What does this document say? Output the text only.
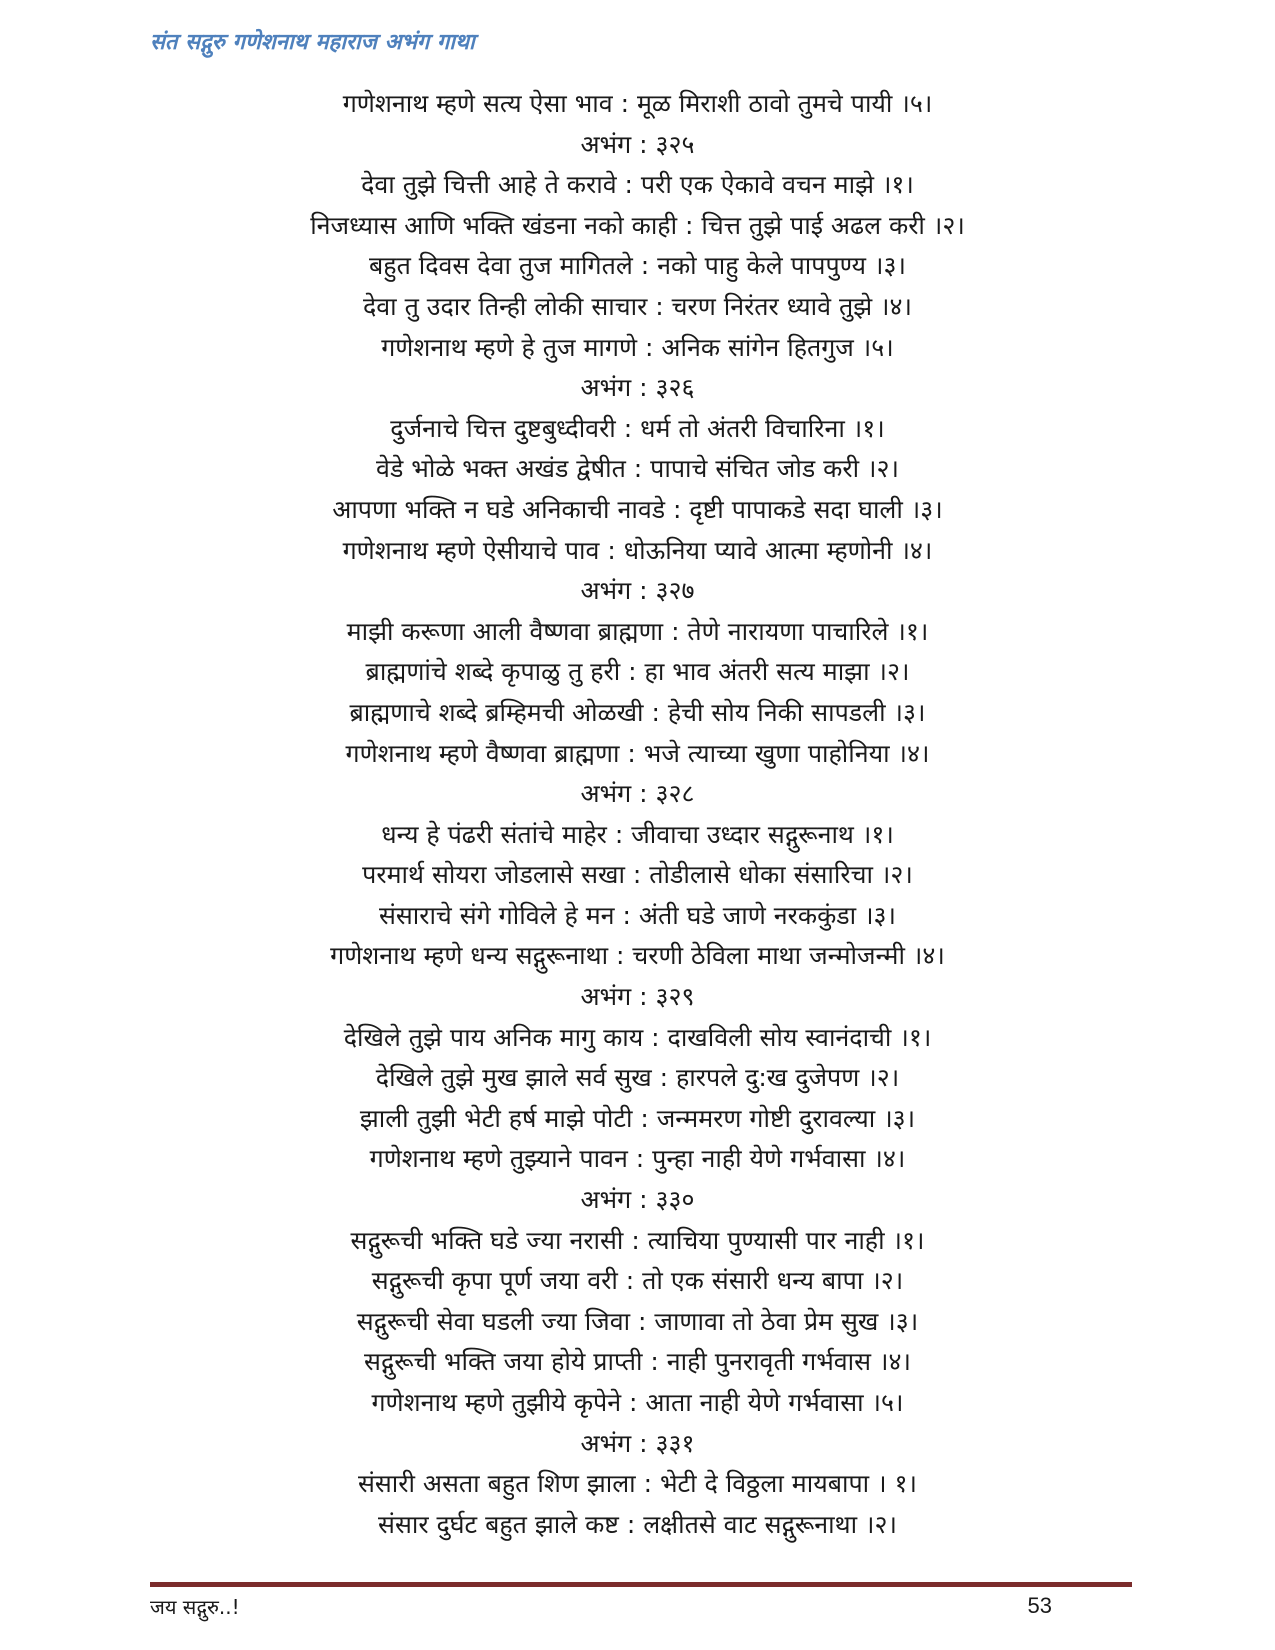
संत सद्गुरु गणेशनाथ महाराज अभंग गाथा
गणेशनाथ म्हणे सत्य ऐसा भाव : मूळ मिराशी ठावो तुमचे पायी ।५।
अभंग : ३२५
देवा तुझे चित्ती आहे ते करावे : परी एक ऐकावे वचन माझे ।१।
निजध्यास आणि भक्ति खंडना नको काही : चित्त तुझे पाई अढल करी ।२।
बहुत दिवस देवा तुज मागितले : नको पाहु केले पापपुण्य ।३।
देवा तु उदार तिन्ही लोकी साचार : चरण निरंतर ध्यावे तुझे ।४।
गणेशनाथ म्हणे हे तुज मागणे : अनिक सांगेन हितगुज ।५।
अभंग : ३२६
दुर्जनाचे चित्त दुष्टबुध्दीवरी : धर्म तो अंतरी विचारिना ।१।
वेडे भोळे भक्त अखंड द्वेषीत : पापाचे संचित जोड करी ।२।
आपणा भक्ति न घडे अनिकाची नावडे : दृष्टी पापाकडे सदा घाली ।३।
गणेशनाथ म्हणे ऐसीयाचे पाव : धोऊनिया प्यावे आत्मा म्हणोनी ।४।
अभंग : ३२७
माझी करूणा आली वैष्णवा ब्राह्मणा : तेणे नारायणा पाचारिले ।१।
ब्राह्मणांचे शब्दे कृपाळु तु हरी : हा भाव अंतरी सत्य माझा ।२।
ब्राह्मणाचे शब्दे ब्रम्हिमची ओळखी : हेची सोय निकी सापडली ।३।
गणेशनाथ म्हणे वैष्णवा ब्राह्मणा : भजे त्याच्या खुणा पाहोनिया ।४।
अभंग : ३२८
धन्य हे पंढरी संतांचे माहेर : जीवाचा उध्दार सद्गुरूनाथ ।१।
परमार्थ सोयरा जोडलासे सखा : तोडीलासे धोका संसारिचा ।२।
संसाराचे संगे गोविले हे मन : अंती घडे जाणे नरककुंडा ।३।
गणेशनाथ म्हणे धन्य सद्गुरूनाथा : चरणी ठेविला माथा जन्मोजन्मी ।४।
अभंग : ३२९
देखिले तुझे पाय अनिक मागु काय : दाखविली सोय स्वानंदाची ।१।
देखिले तुझे मुख झाले सर्व सुख : हारपले दु:ख दुजेपण ।२।
झाली तुझी भेटी हर्ष माझे पोटी : जन्ममरण गोष्टी दुरावल्या ।३।
गणेशनाथ म्हणे तुझ्याने पावन : पुन्हा नाही येणे गर्भवासा ।४।
अभंग : ३३०
सद्गुरूची भक्ति घडे ज्या नरासी : त्याचिया पुण्यासी पार नाही ।१।
सद्गुरूची कृपा पूर्ण जया वरी : तो एक संसारी धन्य बापा ।२।
सद्गुरूची सेवा घडली ज्या जिवा : जाणावा तो ठेवा प्रेम सुख ।३।
सद्गुरूची भक्ति जया होये प्राप्ती : नाही पुनरावृती गर्भवास ।४।
गणेशनाथ म्हणे तुझीये कृपेने : आता नाही येणे गर्भवासा ।५।
अभंग : ३३१
संसारी असता बहुत शिण झाला : भेटी दे विठ्ठला मायबापा । १।
संसार दुर्घट बहुत झाले कष्ट : लक्षीतसे वाट सद्गुरूनाथा ।२।
जय सद्गुरु..!	53
